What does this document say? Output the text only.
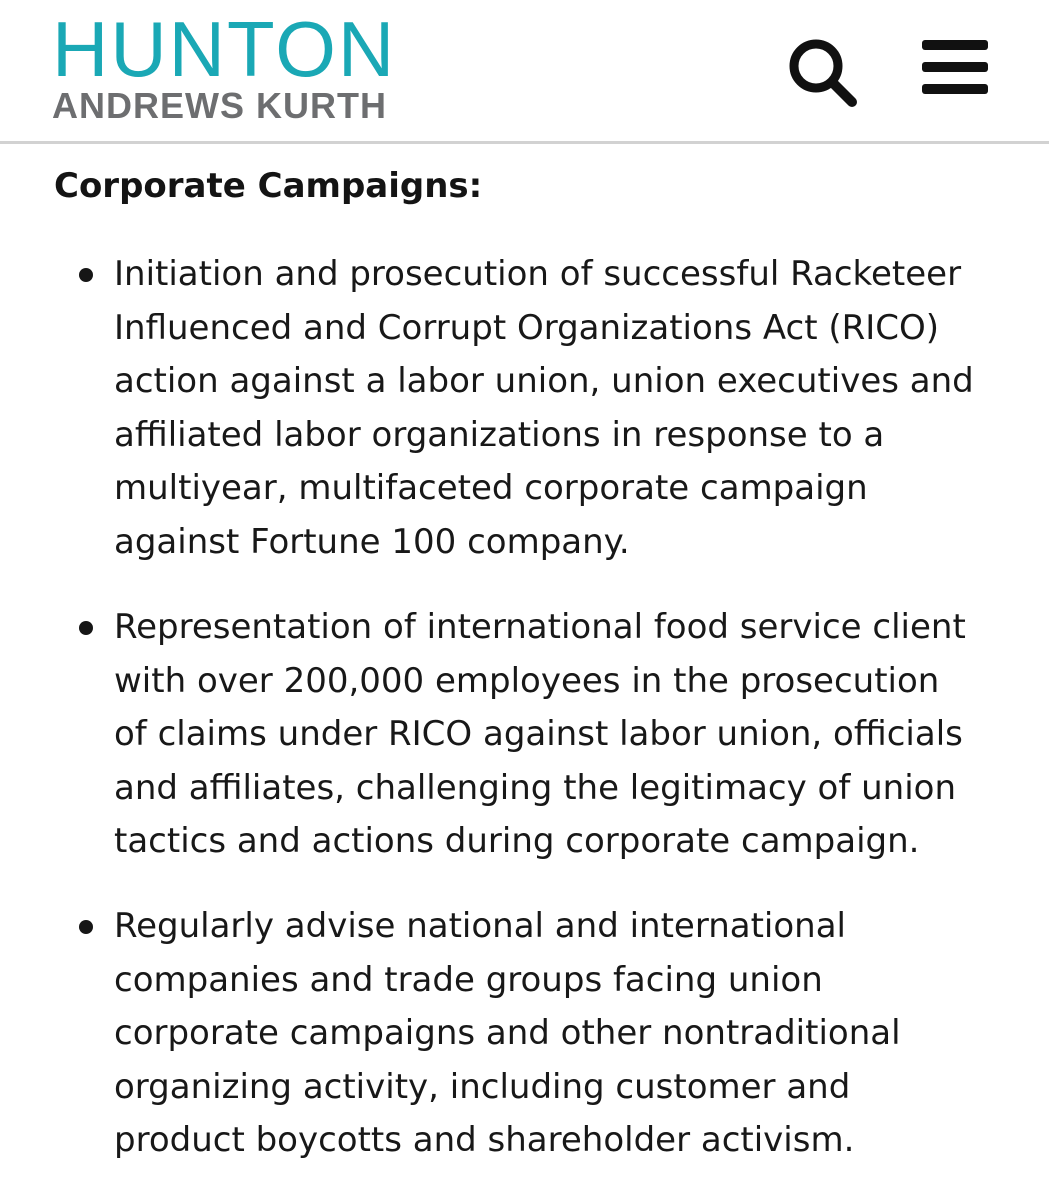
HUNTON
ANDREWS KURTH
Corporate Campaigns:

Initiation and prosecution of successful Racketeer
Influenced and Corrupt Organizations Act (RICO)
action against a labor union, union executives and
affiliated labor organizations in response to a
multiyear, multifaceted corporate campaign
against Fortune 100 company.

Representation of international food service client
with over 200,000 employees in the prosecution
of claims under RICO against labor union, officials
and affiliates, challenging the legitimacy of union
tactics and actions during corporate campaign.

Regularly advise national and international
companies and trade groups facing union
corporate campaigns and other nontraditional
organizing activity, including customer and
product boycotts and shareholder activism.
